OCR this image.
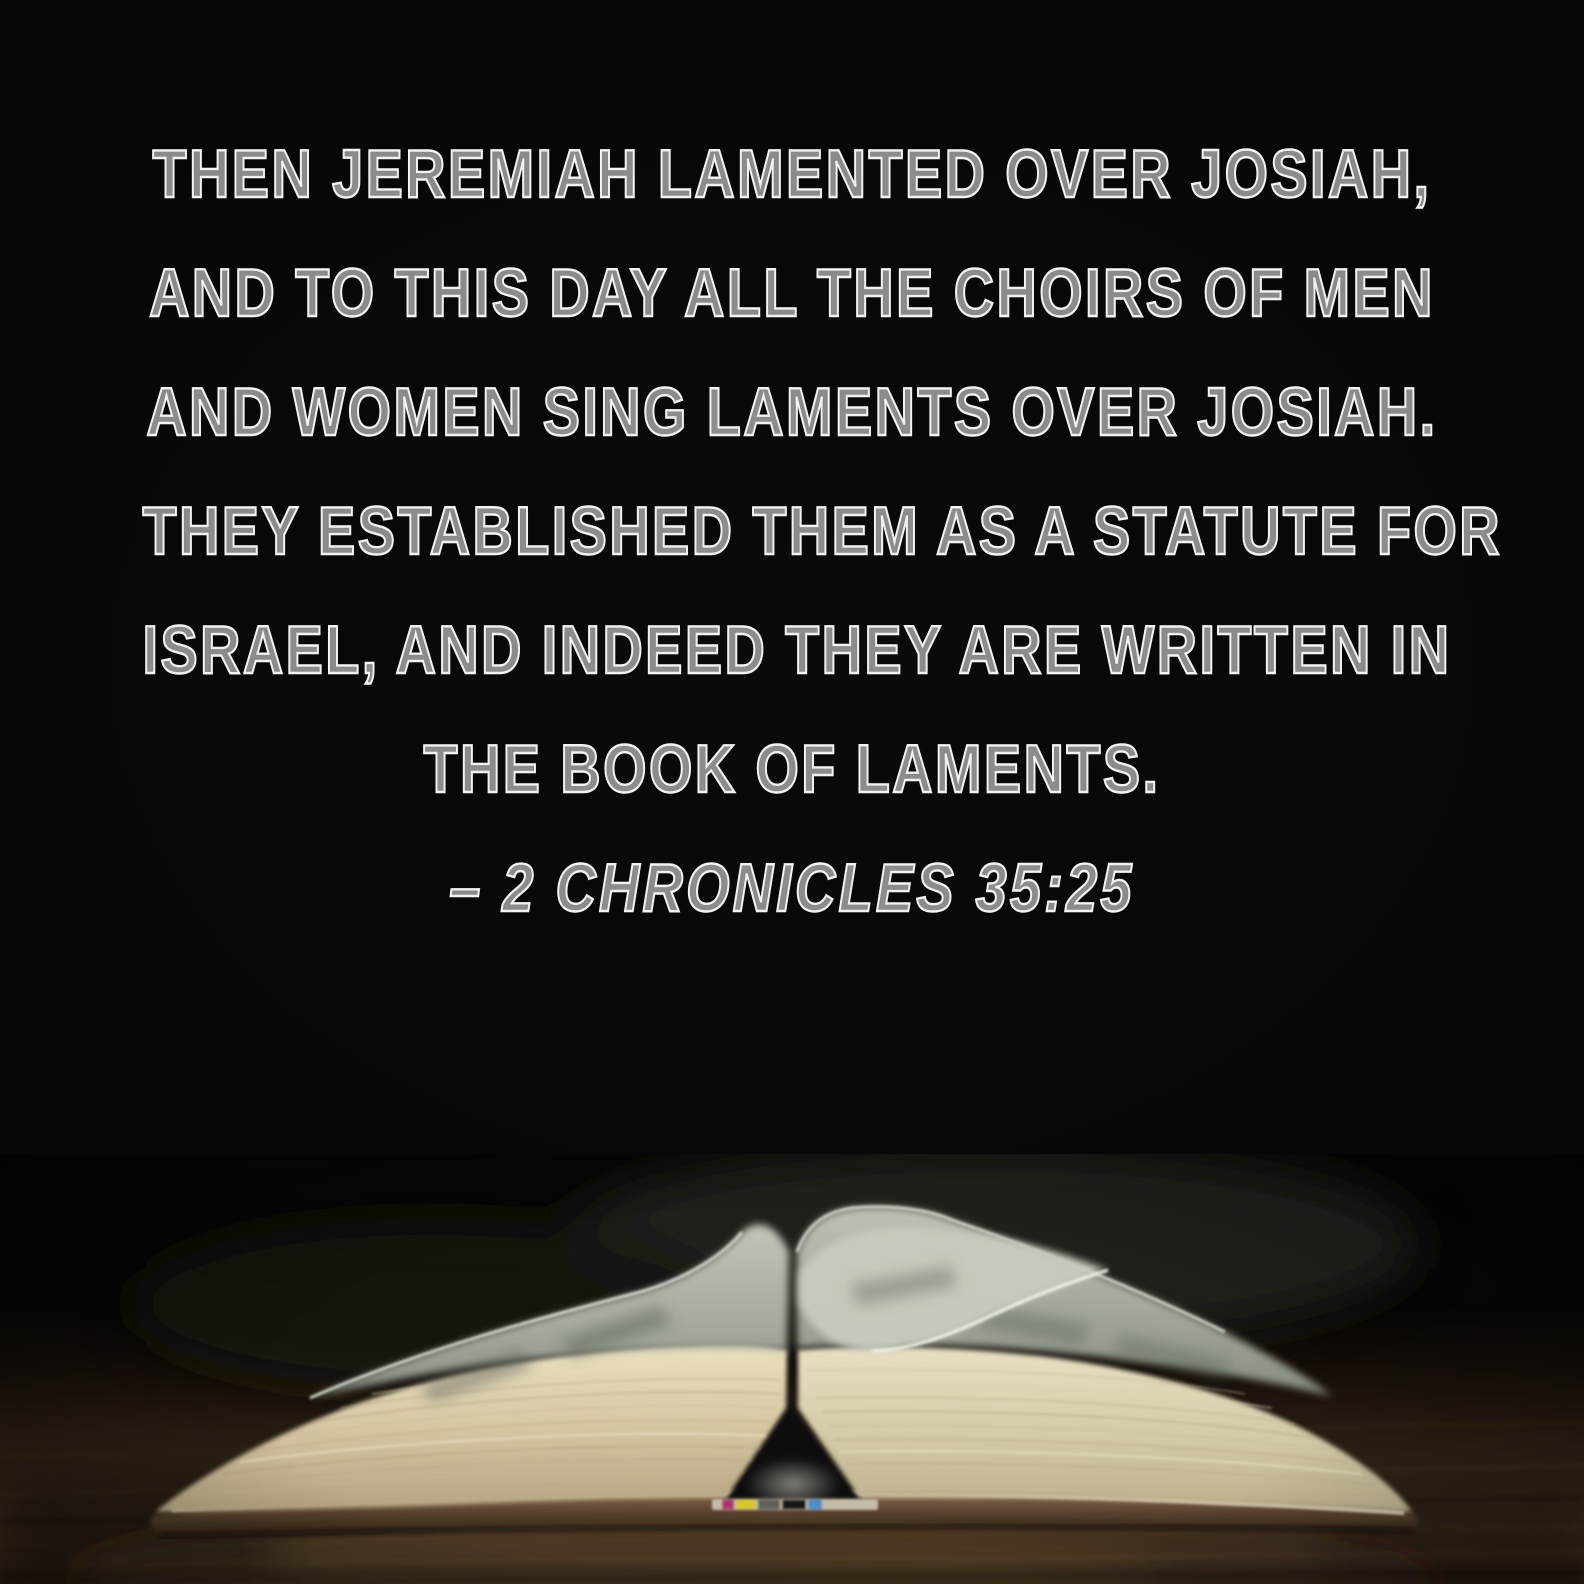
THEN JEREMIAH LAMENTED OVER JOSIAH,
AND TO THIS DAY ALL THE CHOIRS OF MEN
AND WOMEN SING LAMENTS OVER JOSIAH.
THEY ESTABLISHED THEM AS A STATUTE FOR
ISRAEL, AND INDEED THEY ARE WRITTEN IN
THE BOOK OF LAMENTS.
– 2 CHRONICLES 35:25
